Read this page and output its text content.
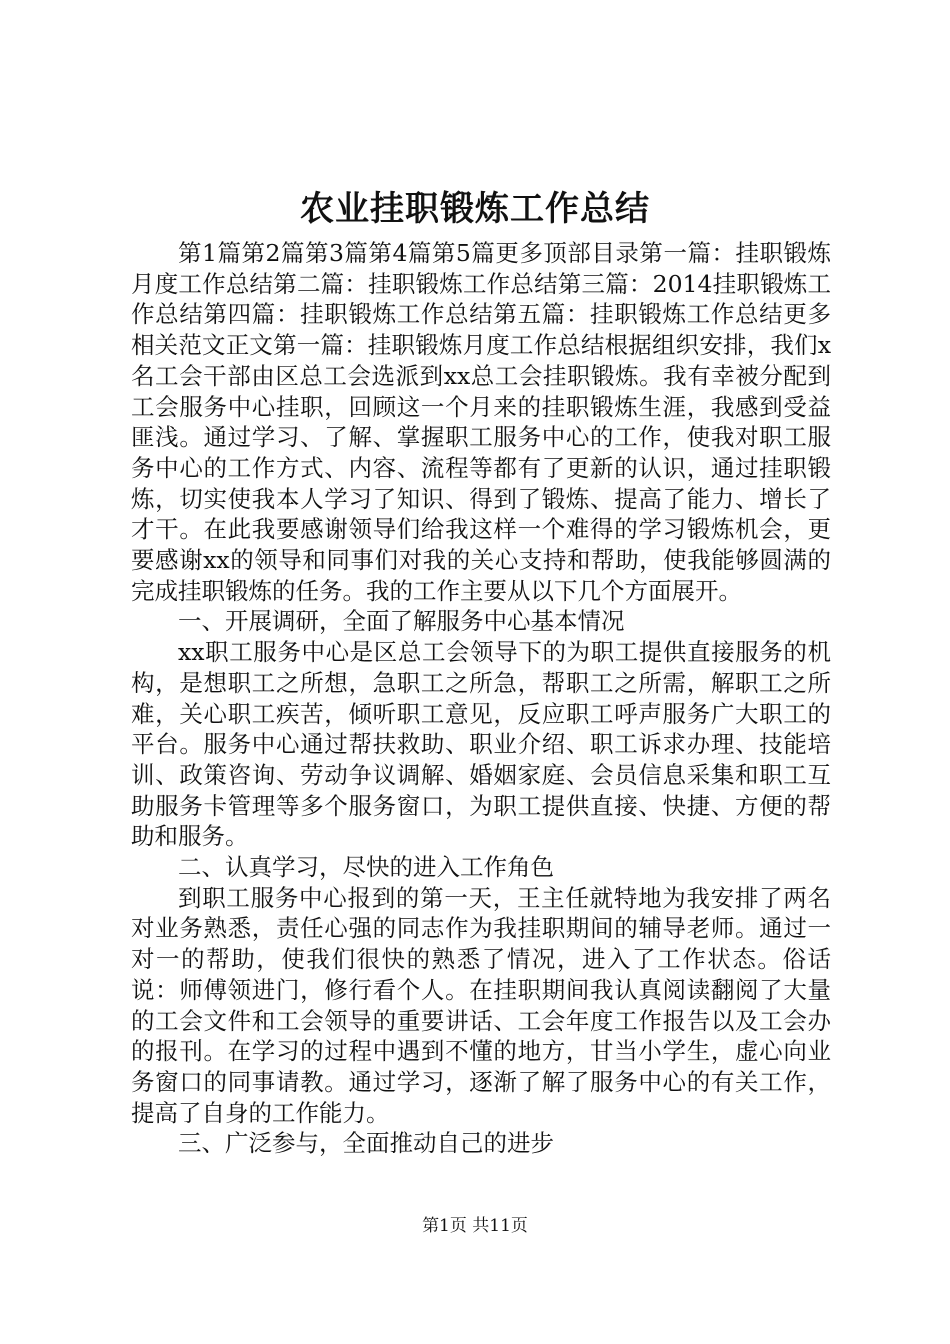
农业挂职锻炼工作总结

第1篇第2篇第3篇第4篇第5篇更多顶部目录第一篇：挂职锻炼月度工作总结第二篇：挂职锻炼工作总结第三篇：2014挂职锻炼工作总结第四篇：挂职锻炼工作总结第五篇：挂职锻炼工作总结更多相关范文正文第一篇：挂职锻炼月度工作总结根据组织安排，我们x名工会干部由区总工会选派到xx总工会挂职锻炼。我有幸被分配到工会服务中心挂职，回顾这一个月来的挂职锻炼生涯，我感到受益匪浅。通过学习、了解、掌握职工服务中心的工作，使我对职工服务中心的工作方式、内容、流程等都有了更新的认识，通过挂职锻炼，切实使我本人学习了知识、得到了锻炼、提高了能力、增长了才干。在此我要感谢领导们给我这样一个难得的学习锻炼机会，更要感谢xx的领导和同事们对我的关心支持和帮助，使我能够圆满的完成挂职锻炼的任务。我的工作主要从以下几个方面展开。

一、开展调研，全面了解服务中心基本情况

xx职工服务中心是区总工会领导下的为职工提供直接服务的机构，是想职工之所想，急职工之所急，帮职工之所需，解职工之所难，关心职工疾苦，倾听职工意见，反应职工呼声服务广大职工的平台。服务中心通过帮扶救助、职业介绍、职工诉求办理、技能培训、政策咨询、劳动争议调解、婚姻家庭、会员信息采集和职工互助服务卡管理等多个服务窗口，为职工提供直接、快捷、方便的帮助和服务。

二、认真学习，尽快的进入工作角色

到职工服务中心报到的第一天，王主任就特地为我安排了两名对业务熟悉，责任心强的同志作为我挂职期间的辅导老师。通过一对一的帮助，使我们很快的熟悉了情况，进入了工作状态。俗话说：师傅领进门，修行看个人。在挂职期间我认真阅读翻阅了大量的工会文件和工会领导的重要讲话、工会年度工作报告以及工会办的报刊。在学习的过程中遇到不懂的地方，甘当小学生，虚心向业务窗口的同事请教。通过学习，逐渐了解了服务中心的有关工作，提高了自身的工作能力。

三、广泛参与，全面推动自己的进步

第1页 共11页
